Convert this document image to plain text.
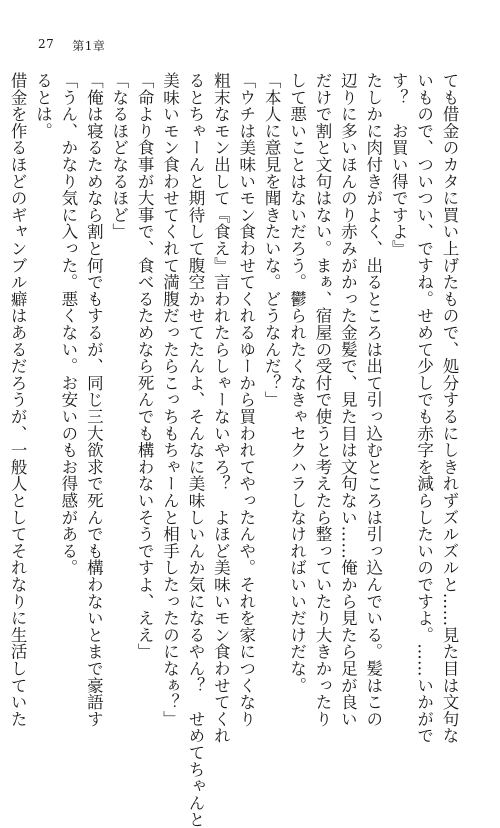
27 第1章
ても借金のカタに買い上げたもので、処分するにしきれずズルズルと……見た目は文句な
いもので、ついつい、ですね。せめて少しでも赤字を減らしたいのですよ。……いかがで
す？　お買い得ですよ』
たしかに肉付きがよく、出るところは出て引っ込むところは引っ込んでいる。髪はこの
辺りに多いほんのり赤みがかった金髪で、見た目は文句ない……俺から見たら足が良い
だけで割と文句はない。まぁ、宿屋の受付で使うと考えたら整っていたり大きかったり
して悪いことはないだろう。鬱られたくなきゃセクハラしなければいいだけだな。
「本人に意見を聞きたいな。どうなんだ？」
「ウチは美味いモン食わせてくれるゆーから買われてやったんや。それを家につくなり
粗末なモン出して『食え』言われたらしゃーないやろ？　よほど美味いモン食わせてくれ
るとちゃーんと期待して腹空かせてたんよ、そんなに美味しいんか気になるやん？　せめてちゃんと
美味いモン食わせてくれて満腹だったらこっちもちゃーんと相手したったのになぁ？」
「命より食事が大事で、食べるためなら死んでも構わないそうですよ、ええ」
「なるほどなるほど」
「俺は寝るためなら割と何でもするが、同じ三大欲求で死んでも構わないとまで豪語す
「うん、かなり気に入った。悪くない。お安いのもお得感がある。
るとは。
借金を作るほどのギャンブル癖はあるだろうが、一般人としてそれなりに生活していた
